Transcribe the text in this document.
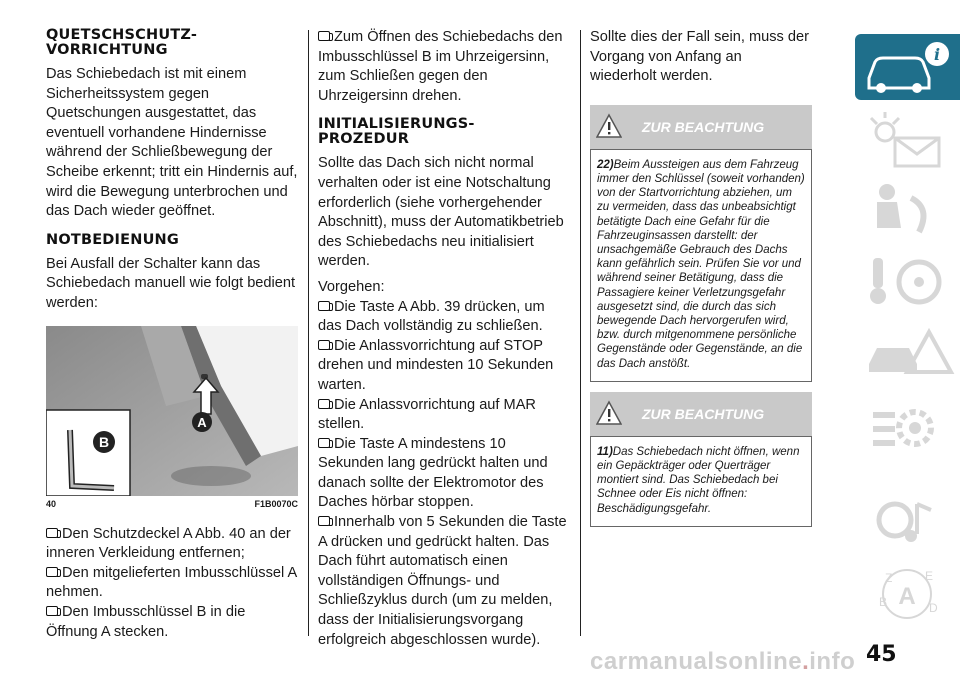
QUETSCHSCHUTZ-
VORRICHTUNG

Das Schiebedach ist mit einem Sicherheitssystem gegen Quetschungen ausgestattet, das eventuell vorhandene Hindernisse während der Schließbewegung der Scheibe erkennt; tritt ein Hindernis auf, wird die Bewegung unterbrochen und das Dach wieder geöffnet.

NOTBEDIENUNG

Bei Ausfall der Schalter kann das Schiebedach manuell wie folgt bedient werden:

A
B
40	F1B0070C

Den Schutzdeckel A Abb. 40 an der inneren Verkleidung entfernen;

Den mitgelieferten Imbusschlüssel A nehmen.

Den Imbusschlüssel B in die Öffnung A stecken.

Zum Öffnen des Schiebedachs den Imbusschlüssel B im Uhrzeigersinn, zum Schließen gegen den Uhrzeigersinn drehen.

INITIALISIERUNGS-
PROZEDUR

Sollte das Dach sich nicht normal verhalten oder ist eine Notschaltung erforderlich (siehe vorhergehender Abschnitt), muss der Automatikbetrieb des Schiebedachs neu initialisiert werden.

Vorgehen:

Die Taste A Abb. 39 drücken, um das Dach vollständig zu schließen.

Die Anlassvorrichtung auf STOP drehen und mindesten 10 Sekunden warten.

Die Anlassvorrichtung auf MAR stellen.

Die Taste A mindestens 10 Sekunden lang gedrückt halten und danach sollte der Elektromotor des Daches hörbar stoppen.

Innerhalb von 5 Sekunden die Taste A drücken und gedrückt halten. Das Dach führt automatisch einen vollständigen Öffnungs- und Schließzyklus durch (um zu melden, dass der Initialisierungsvorgang erfolgreich abgeschlossen wurde).

Sollte dies der Fall sein, muss der Vorgang von Anfang an wiederholt werden.

ZUR BEACHTUNG
22)Beim Aussteigen aus dem Fahrzeug immer den Schlüssel (soweit vorhanden) von der Startvorrichtung abziehen, um zu vermeiden, dass das unbeabsichtigt betätigte Dach eine Gefahr für die Fahrzeuginsassen darstellt: der unsachgemäße Gebrauch des Dachs kann gefährlich sein. Prüfen Sie vor und während seiner Betätigung, dass die Passagiere keiner Verletzungsgefahr ausgesetzt sind, die durch das sich bewegende Dach hervorgerufen wird, bzw. durch mitgenommene persönliche Gegenstände oder Gegenstände, an die das Dach anstößt.
ZUR BEACHTUNG
11)Das Schiebedach nicht öffnen, wenn ein Gepäckträger oder Querträger montiert sind. Das Schiebedach bei Schnee oder Eis nicht öffnen: Beschädigungsgefahr.
i
A
Z	E
B	D
45
carmanualsonline.info
